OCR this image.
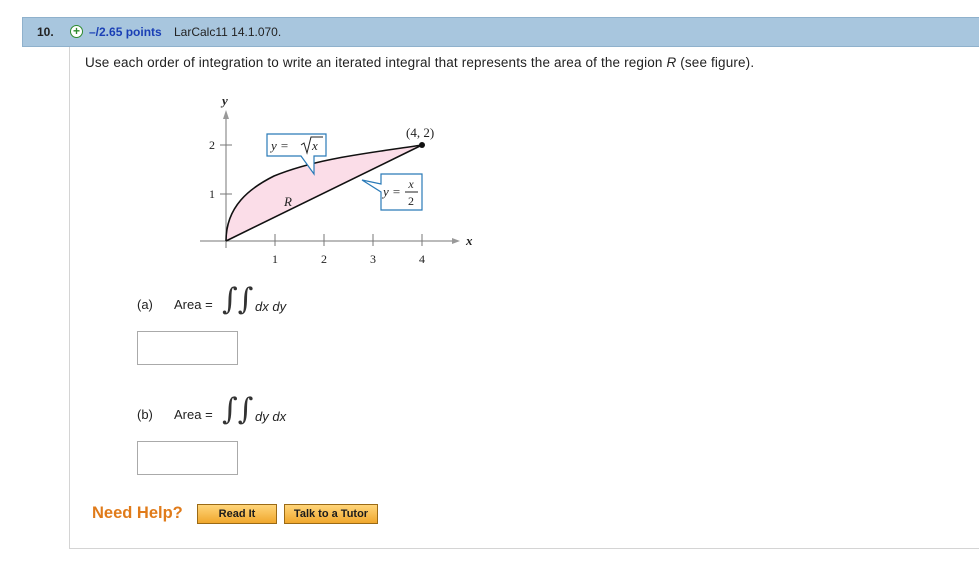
10. + –/2.65 points LarCalc11 14.1.070.
Use each order of integration to write an iterated integral that represents the area of the region R (see figure).
1	2	3	4
1
2
x
y
(4, 2)
R
y = x
y = x
2
(a) Area = ∫∫ dx dy
(b) Area = ∫∫ dy dx
Need Help?	Read It	Talk to a Tutor
